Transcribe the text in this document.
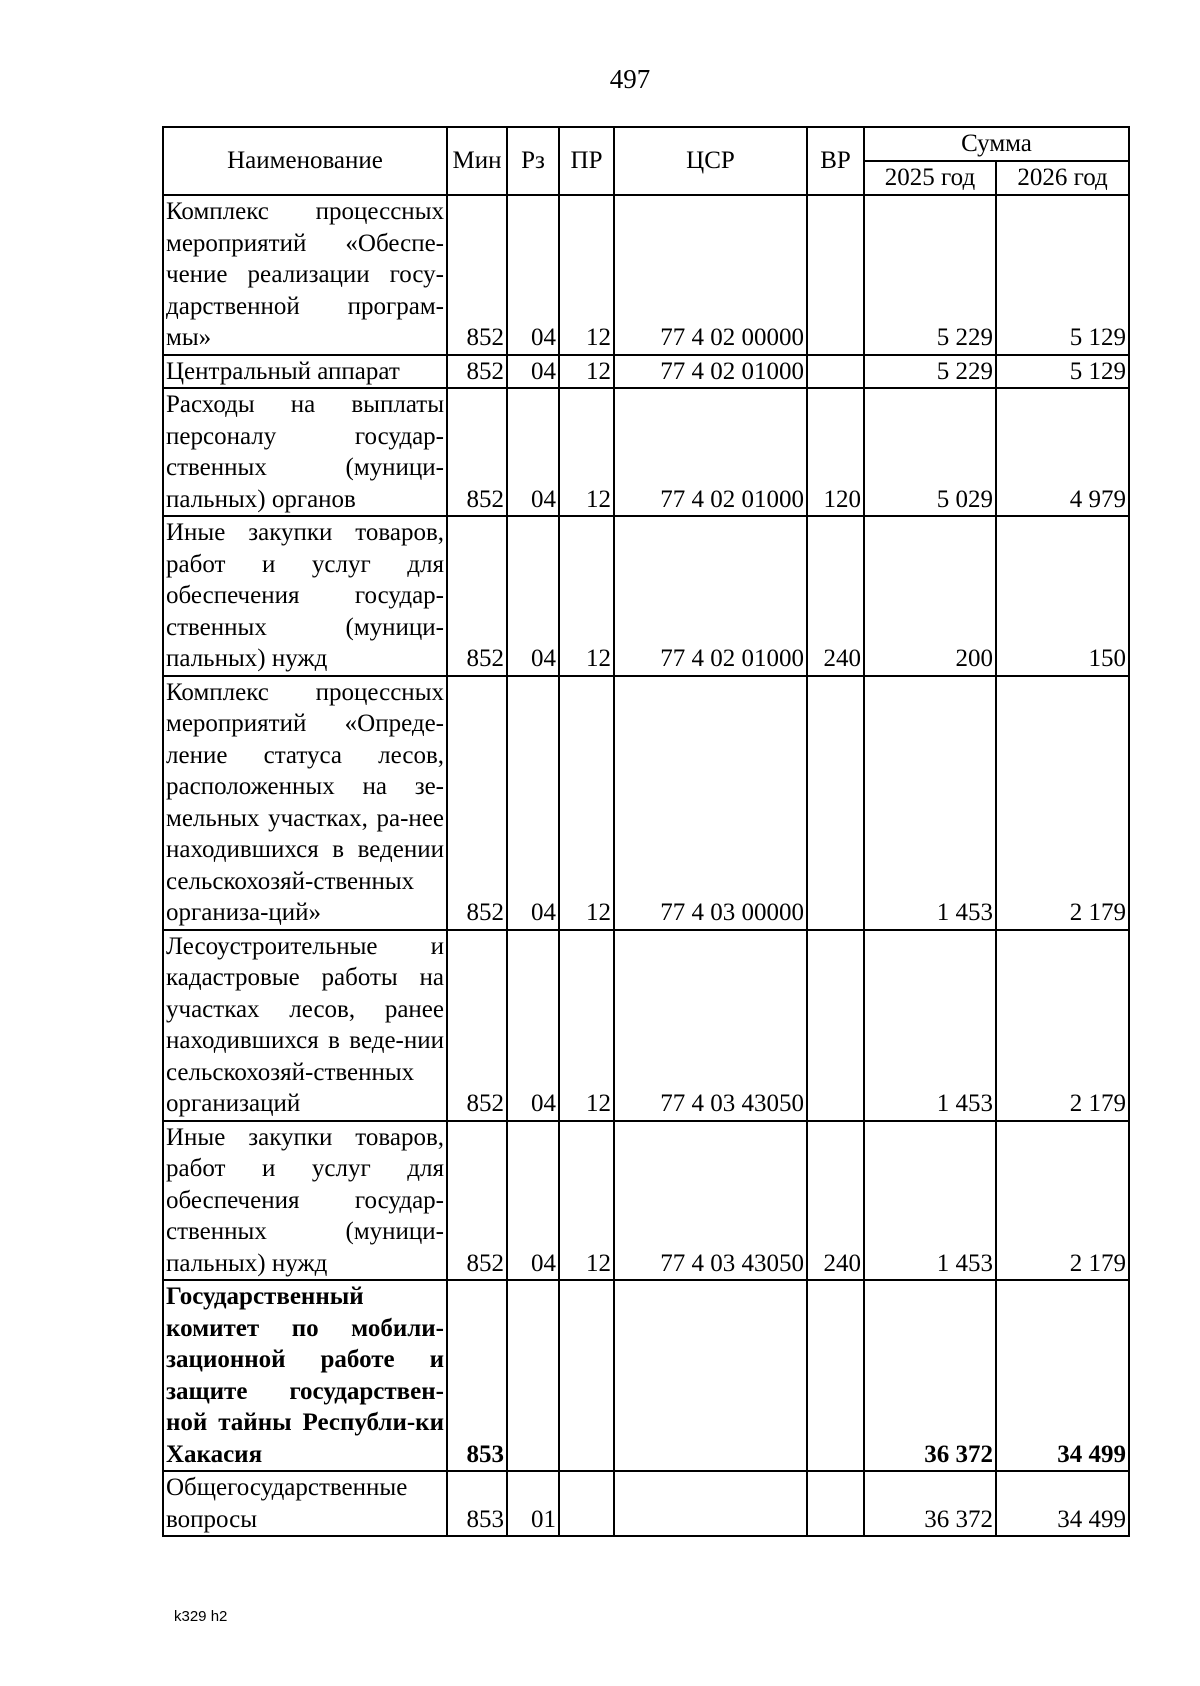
497
Наименование	Мин	Рз	ПР	ЦСР	ВР	Сумма	
						2025 год	2026 год
Комплекс процессных мероприятий «Обеспе-чение реализации госу-дарственной програм-мы»	852	04	12	77 4 02 00000		5 229	5 129
Центральный аппарат	852	04	12	77 4 02 01000		5 229	5 129
Расходы на выплаты персоналу государ-ственных (муници-пальных) органов	852	04	12	77 4 02 01000	120	5 029	4 979
Иные закупки товаров, работ и услуг для обеспечения государ-ственных (муници-пальных) нужд	852	04	12	77 4 02 01000	240	200	150
Комплекс процессных мероприятий «Опреде-ление статуса лесов, расположенных на зе-мельных участках, ра-нее находившихся в ведении сельскохозяй-ственных организа-ций»	852	04	12	77 4 03 00000		1 453	2 179
Лесоустроительные и кадастровые работы на участках лесов, ранее находившихся в веде-нии сельскохозяй-ственных организаций	852	04	12	77 4 03 43050		1 453	2 179
Иные закупки товаров, работ и услуг для обеспечения государ-ственных (муници-пальных) нужд	852	04	12	77 4 03 43050	240	1 453	2 179
Государственный комитет по мобили-зационной работе и защите государствен-ной тайны Республи-ки Хакасия	853					36 372	34 499
Общегосударственные вопросы	853	01				36 372	34 499
k329 h2
